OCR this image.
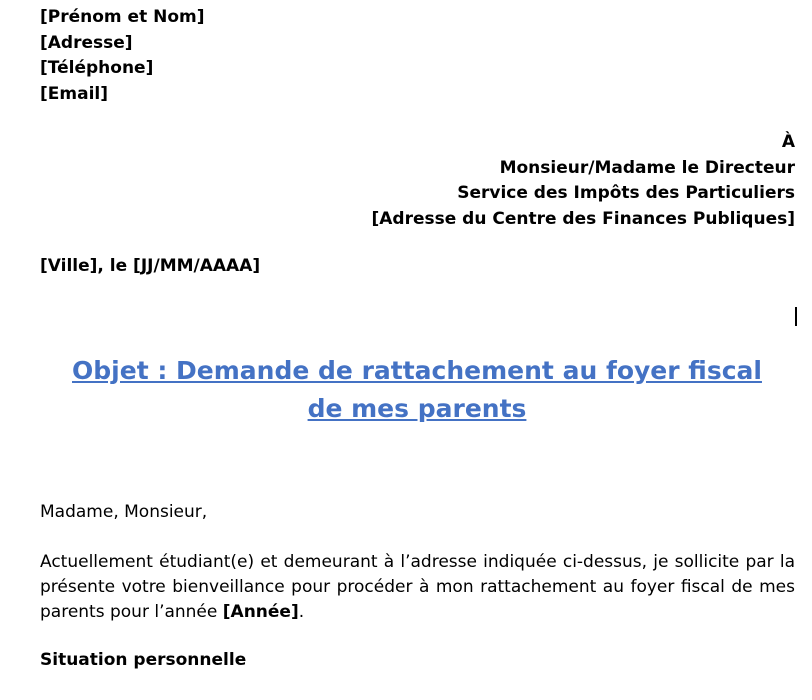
[Prénom et Nom]
[Adresse]
[Téléphone]
[Email]
À
Monsieur/Madame le Directeur
Service des Impôts des Particuliers
[Adresse du Centre des Finances Publiques]
[Ville], le [JJ/MM/AAAA]
Objet : Demande de rattachement au foyer fiscal
de mes parents
Madame, Monsieur,
Actuellement étudiant(e) et demeurant à l’adresse indiquée ci-dessus, je sollicite par la présente votre bienveillance pour procéder à mon rattachement au foyer fiscal de mes parents pour l’année [Année].
Situation personnelle
